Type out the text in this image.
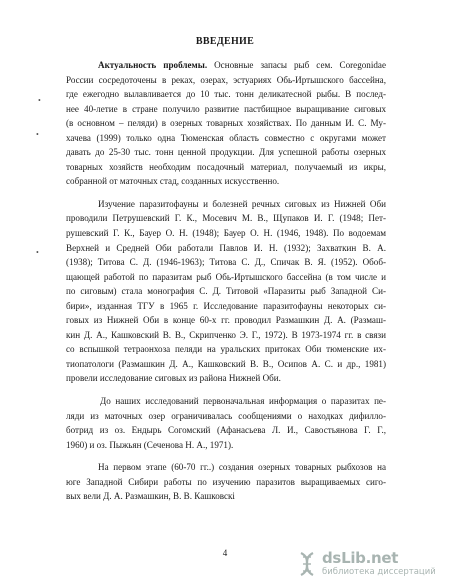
ВВЕДЕНИЕ
Актуальность проблемы. Основные запасы рыб сем. Coregonidae
России сосредоточены в реках, озерах, эстуариях Обь-Иртышского бассейна,
где ежегодно вылавливается до 10 тыс. тонн деликатесной рыбы. В послед-
нее 40-летие в стране получило развитие пастбищное выращивание сиговых
(в основном – пеляди) в озерных товарных хозяйствах. По данным И. С. Му-
хачева (1999) только одна Тюменская область совместно с округами может
давать до 25-30 тыс. тонн ценной продукции. Для успешной работы озерных
товарных хозяйств необходим посадочный материал, получаемый из икры,
собранной от маточных стад, созданных искусственно.
Изучение паразитофауны и болезней речных сиговых из Нижней Оби
проводили Петрушевский Г. К., Мосевич М. В., Щупаков И. Г. (1948; Пет-
рушевский Г. К., Бауер О. Н. (1948); Бауер О. Н. (1946, 1948). По водоемам
Верхней и Средней Оби работали Павлов И. Н. (1932); Захваткин В. А.
(1938); Титова С. Д. (1946-1963); Титова С. Д., Спичак В. Я. (1952). Обоб-
щающей работой по паразитам рыб Обь-Иртышского бассейна (в том числе и
по сиговым) стала монография С. Д. Титовой «Паразиты рыб Западной Си-
бири», изданная ТГУ в 1965 г. Исследование паразитофауны некоторых си-
говых из Нижней Оби в конце 60-х гг. проводил Размашкин Д. А. (Размаш-
кин Д. А., Кашковский В. В., Скрипченко Э. Г., 1972). В 1973-1974 гг. в связи
со вспышкой тетраонхоза пеляди на уральских притоках Оби тюменские их-
тиопатологи (Размашкин Д. А., Кашковский В. В., Осипов А. С. и др., 1981)
провели исследование сиговых из района Нижней Оби.
До наших исследований первоначальная информация о паразитах пе-
ляди из маточных озер ограничивалась сообщениями о находках дифилло-
ботрид из оз. Ендырь Согомский (Афанасьева Л. И., Савостьянова Г. Г.,
1960) и оз. Пыжьян (Сеченова Н. А., 1971).
На первом этапе (60-70 гг..) создания озерных товарных рыбхозов на
юге Западной Сибири работы по изучению паразитов выращиваемых сиго-
вых вели Д. А. Размашкин, В. В. Кашковскі
•
•
•
4	dsLib.net
библиотека диссертаций
